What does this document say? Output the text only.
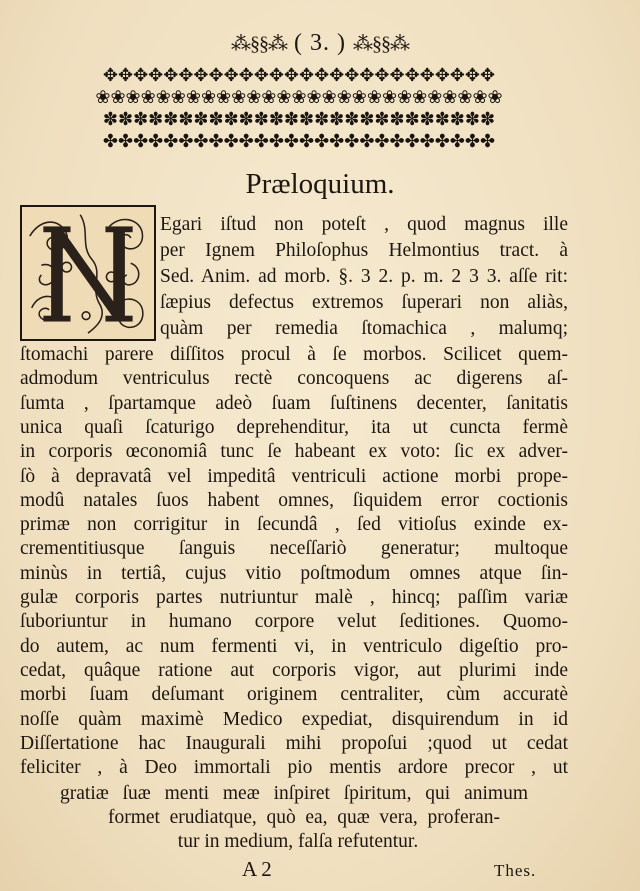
⁂§§⁂ ( 3. ) ⁂§§⁂
✥✥✥✥✥✥✥✥✥✥✥✥✥✥✥✥✥✥✥✥✥✥✥✥✥✥
❀❀❀❀❀❀❀❀❀❀❀❀❀❀❀❀❀❀❀❀❀❀❀❀❀❀❀
✽✽✽✽✽✽✽✽✽✽✽✽✽✽✽✽✽✽✽✽✽✽✽✽✽✽
✤✤✤✤✤✤✤✤✤✤✤✤✤✤✤✤✤✤✤✤✤✤✤✤✤✤
Præloquium.
Egari iſtud non poteſt , quod magnus ille
per Ignem Philoſophus Helmontius tract. à
Sed. Anim. ad morb. §. 3 2. p. m. 2 3 3. aſſe rit:
ſæpius defectus extremos ſuperari non aliàs,
quàm per remedia ſtomachica , malumq;
ſtomachi parere diſſitos procul à ſe morbos. Scilicet quem-
admodum ventriculus rectè concoquens ac digerens aſ-
ſumta , ſpartamque adeò ſuam ſuſtinens decenter, ſanitatis
unica quaſi ſcaturigo deprehenditur, ita ut cuncta fermè
in corporis œconomiâ tunc ſe habeant ex voto: ſic ex adver-
ſò à depravatâ vel impeditâ ventriculi actione morbi prope-
modû natales ſuos habent omnes, ſiquidem error coctionis
primæ non corrigitur in ſecundâ , ſed vitioſus exinde ex-
crementitiusque ſanguis neceſſariò generatur; multoque
minùs in tertiâ, cujus vitio poſtmodum omnes atque ſin-
gulæ corporis partes nutriuntur malè , hincq; paſſim variæ
ſuboriuntur in humano corpore velut ſeditiones. Quomo-
do autem, ac num fermenti vi, in ventriculo digeſtio pro-
cedat, quâque ratione aut corporis vigor, aut plurimi inde
morbi ſuam deſumant originem centraliter, cùm accuratè
noſſe quàm maximè Medico expediat, disquirendum in id
Diſſertatione hac Inaugurali mihi propoſui ;quod ut cedat
feliciter , à Deo immortali pio mentis ardore precor , ut
gratiæ ſuæ menti meæ inſpiret ſpiritum, qui animum
formet erudiatque, quò ea, quæ vera, proferan-
tur in medium, falſa refutentur.
A 2	Thes.
